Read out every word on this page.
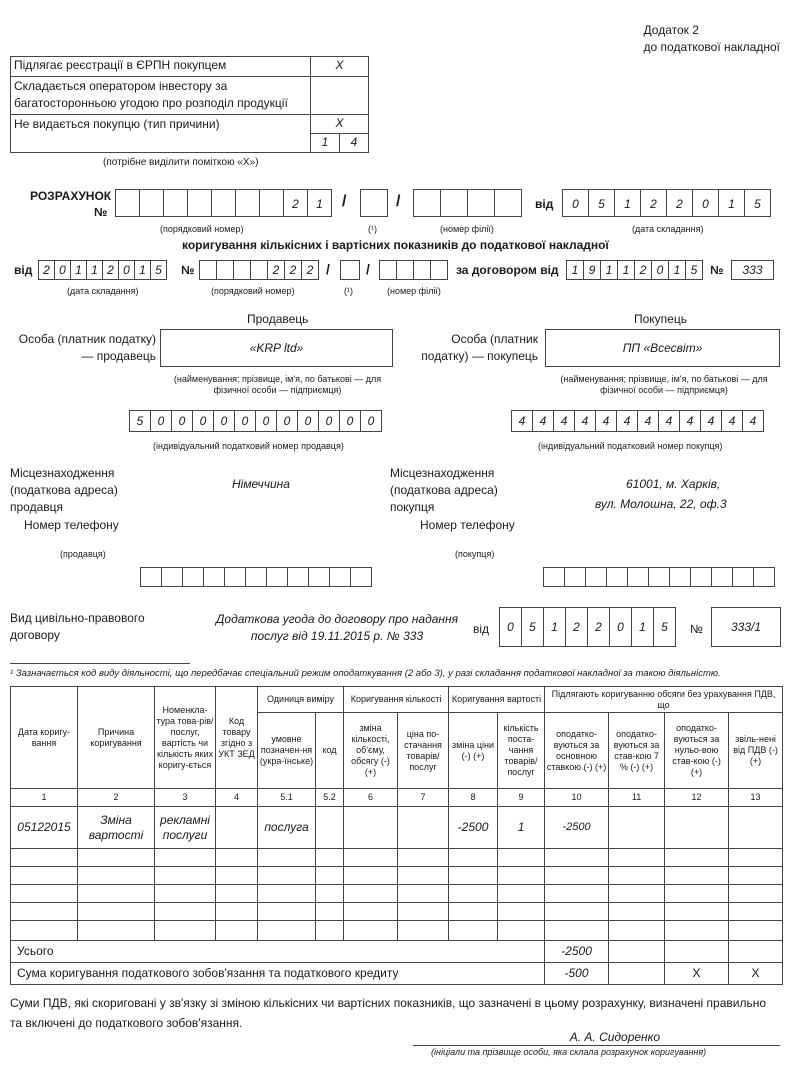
Додаток 2
до податкової накладної
Підлягає реєстрації в ЄРПН покупцем	X	
Складається оператором інвестору за багатосторонньою угодою про розподіл продукції		
Не видається покупцю (тип причини)	X	
	1	4
(потрібне виділити поміткою «Х»)
РОЗРАХУНОК
№
2	1	/	/	від	0	5	1	2	2	0	1	5
(порядковий номер)	(¹)	(номер філії)	(дата складання)
коригування кількісних і вартісних показників до податкової накладної
від 2 0 1 1 2 0 1 5	№	2 2 2 /	/	за договором від	1 9 1 1 2 0 1 5	№	333
(дата складання)	(порядковий номер)	(¹)	(номер філії)
Продавець	Покупець
Особа (платник податку) — продавець
«KRP ltd»
Особа (платник податку) — покупець
ПП «Всесвіт»
(найменування; прізвище, ім'я, по батькові — для фізичної особи — підприємця)
(найменування; прізвище, ім'я, по батькові — для фізичної особи — підприємця)
5	0	0	0	0	0	0	0	0	0	0	0	4	4	4	4	4	4	4	4	4	4	4	4
(індивідуальний податковий номер продавця)	(індивідуальний податковий номер покупця)
Місцезнаходження (податкова адреса) продавця
Номер телефону
Німеччина
Місцезнаходження (податкова адреса) покупця
Номер телефону
61001, м. Харків,
вул. Молошна, 22, оф.3
(продавця)	(покупця)
Вид цивільно-правового договору
Додаткова угода до договору про надання послуг від 19.11.2015 р. № 333	від	0	5	1	2	2	0	1	5	№	333/1
¹ Зазначається код виду діяльності, що передбачає спеціальний режим оподаткування (2 або 3), у разі складання податкової накладної за такою діяльністю.
Дата коригу-вання	Причина коригування	Номенкла-тура това-рів/послуг, вартість чи кількість яких коригу-ється	Код товару згідно з УКТ ЗЕД	Одиниця виміру		Коригування кількості		Коригування вартості		Підлягають коригуванню обсяги без урахування ПДВ, що			
				умовне позначен-ня (укра-їнське)	код	зміна кількості, об'єму, обсягу (-) (+)	ціна по-стачання товарів/ послуг	зміна ціни (-) (+)	кількість поста-чання товарів/ послуг	оподатко-вуються за основною ставкою (-) (+)	оподатко-вуються за став-кою 7 % (-) (+)	оподатко-вуються за нульо-вою став-кою (-) (+)	звіль-нені від ПДВ (-) (+)
1	2	3	4	5.1	5.2	6	7	8	9	10	11	12	13
05122015	Зміна вартості	рекламні послуги		послуга				-2500	1	-2500			

Усього										-2500			
Сума коригування податкового зобов'язання та податкового кредиту										-500		Х	Х
Суми ПДВ, які скориговані у зв'язку зі зміною кількісних чи вартісних показників, що зазначені в цьому розрахунку, визначені правильно та включені до податкового зобов'язання.
А. А. Сидоренко
(ініціали та прізвище особи, яка склала розрахунок коригування)
